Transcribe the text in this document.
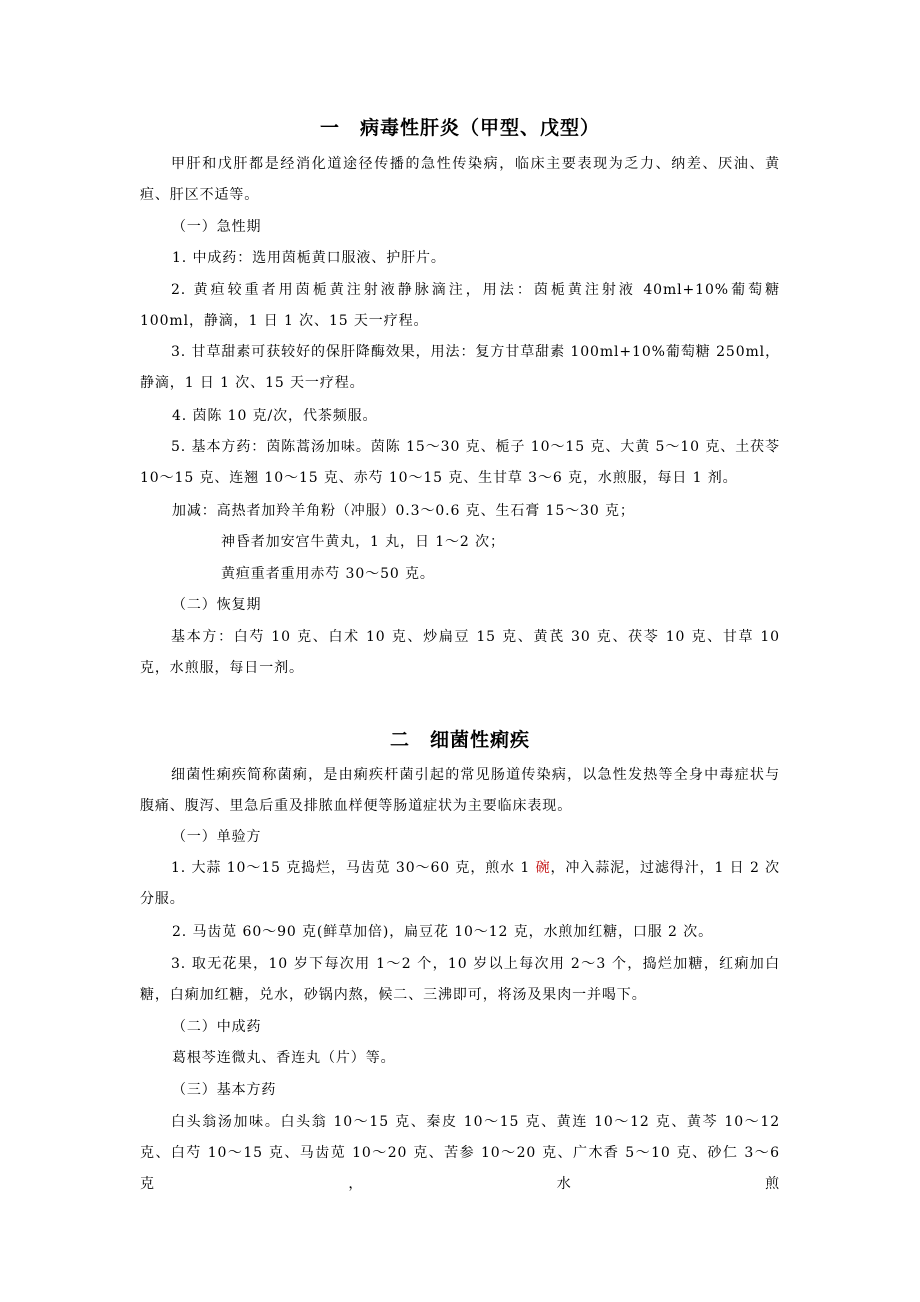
一　病毒性肝炎（甲型、戊型）
甲肝和戊肝都是经消化道途径传播的急性传染病，临床主要表现为乏力、纳差、厌油、黄疸、肝区不适等。
（一）急性期
1. 中成药：选用茵栀黄口服液、护肝片。
2. 黄疸较重者用茵栀黄注射液静脉滴注，用法：茵栀黄注射液 40ml+10%葡萄糖 100ml，静滴，1 日 1 次、15 天一疗程。
3. 甘草甜素可获较好的保肝降酶效果，用法：复方甘草甜素 100ml+10%葡萄糖 250ml，静滴，1 日 1 次、15 天一疗程。
4. 茵陈 10 克/次，代茶频服。
5. 基本方药：茵陈蒿汤加味。茵陈 15～30 克、栀子 10～15 克、大黄 5～10 克、土茯苓 10～15 克、连翘 10～15 克、赤芍 10～15 克、生甘草 3～6 克，水煎服，每日 1 剂。
加减：高热者加羚羊角粉（冲服）0.3～0.6 克、生石膏 15～30 克；
神昏者加安宫牛黄丸，1 丸，日 1～2 次；
黄疸重者重用赤芍 30～50 克。
（二）恢复期
基本方：白芍 10 克、白术 10 克、炒扁豆 15 克、黄芪 30 克、茯苓 10 克、甘草 10 克，水煎服，每日一剂。
二　细菌性痢疾
细菌性痢疾简称菌痢，是由痢疾杆菌引起的常见肠道传染病，以急性发热等全身中毒症状与腹痛、腹泻、里急后重及排脓血样便等肠道症状为主要临床表现。
（一）单验方
1. 大蒜 10～15 克捣烂，马齿苋 30～60 克，煎水 1 碗，冲入蒜泥，过滤得汁，1 日 2 次分服。
2. 马齿苋 60～90 克(鲜草加倍)，扁豆花 10～12 克，水煎加红糖，口服 2 次。
3. 取无花果，10 岁下每次用 1～2 个，10 岁以上每次用 2～3 个，捣烂加糖，红痢加白糖，白痢加红糖，兑水，砂锅内熬，候二、三沸即可，将汤及果肉一并喝下。
（二）中成药
葛根芩连微丸、香连丸（片）等。
（三）基本方药
白头翁汤加味。白头翁 10～15 克、秦皮 10～15 克、黄连 10～12 克、黄芩 10～12 克、白芍 10～15 克、马齿苋 10～20 克、苦参 10～20 克、广木香 5～10 克、砂仁 3～6 克，水煎
